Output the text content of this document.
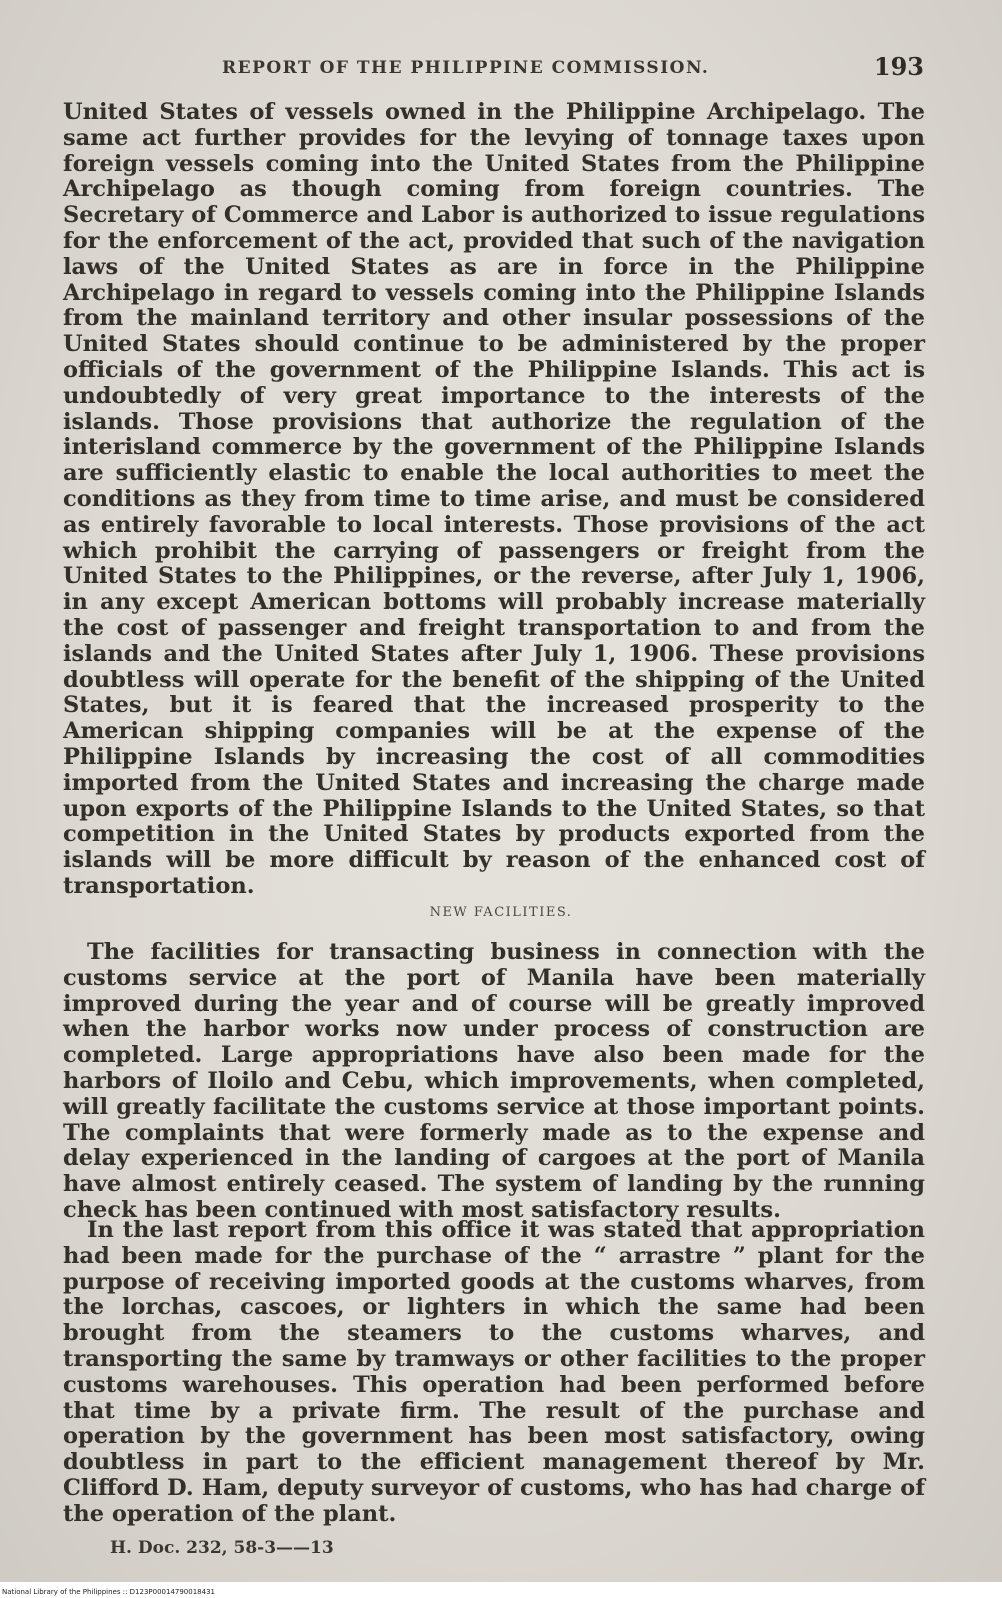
REPORT OF THE PHILIPPINE COMMISSION.	193

United States of vessels owned in the Philippine Archipelago. The same act further provides for the levying of tonnage taxes upon foreign vessels coming into the United States from the Philippine Archipelago as though coming from foreign countries. The Secretary of Commerce and Labor is authorized to issue regulations for the enforcement of the act, provided that such of the navigation laws of the United States as are in force in the Philippine Archipelago in regard to vessels coming into the Philippine Islands from the mainland territory and other insular possessions of the United States should continue to be administered by the proper officials of the government of the Philippine Islands. This act is undoubtedly of very great importance to the interests of the islands. Those provisions that authorize the regulation of the interisland commerce by the government of the Philippine Islands are sufficiently elastic to enable the local authorities to meet the conditions as they from time to time arise, and must be considered as entirely favorable to local interests. Those provisions of the act which prohibit the carrying of passengers or freight from the United States to the Philippines, or the reverse, after July 1, 1906, in any except American bottoms will probably increase materially the cost of passenger and freight transportation to and from the islands and the United States after July 1, 1906. These provisions doubtless will operate for the benefit of the shipping of the United States, but it is feared that the increased prosperity to the American shipping companies will be at the expense of the Philippine Islands by increasing the cost of all commodities imported from the United States and increasing the charge made upon exports of the Philippine Islands to the United States, so that competition in the United States by products exported from the islands will be more difficult by reason of the enhanced cost of transportation.

NEW FACILITIES.

The facilities for transacting business in connection with the customs service at the port of Manila have been materially improved during the year and of course will be greatly improved when the harbor works now under process of construction are completed. Large appropriations have also been made for the harbors of Iloilo and Cebu, which improvements, when completed, will greatly facilitate the customs service at those important points. The complaints that were formerly made as to the expense and delay experienced in the landing of cargoes at the port of Manila have almost entirely ceased. The system of landing by the running check has been continued with most satisfactory results.

In the last report from this office it was stated that appropriation had been made for the purchase of the “ arrastre ” plant for the purpose of receiving imported goods at the customs wharves, from the lorchas, cascoes, or lighters in which the same had been brought from the steamers to the customs wharves, and transporting the same by tramways or other facilities to the proper customs warehouses. This operation had been performed before that time by a private firm. The result of the purchase and operation by the government has been most satisfactory, owing doubtless in part to the efficient management thereof by Mr. Clifford D. Ham, deputy surveyor of customs, who has had charge of the operation of the plant.

H. Doc. 232, 58-3——13
National Library of the Philippines :: D123P00014790018431
